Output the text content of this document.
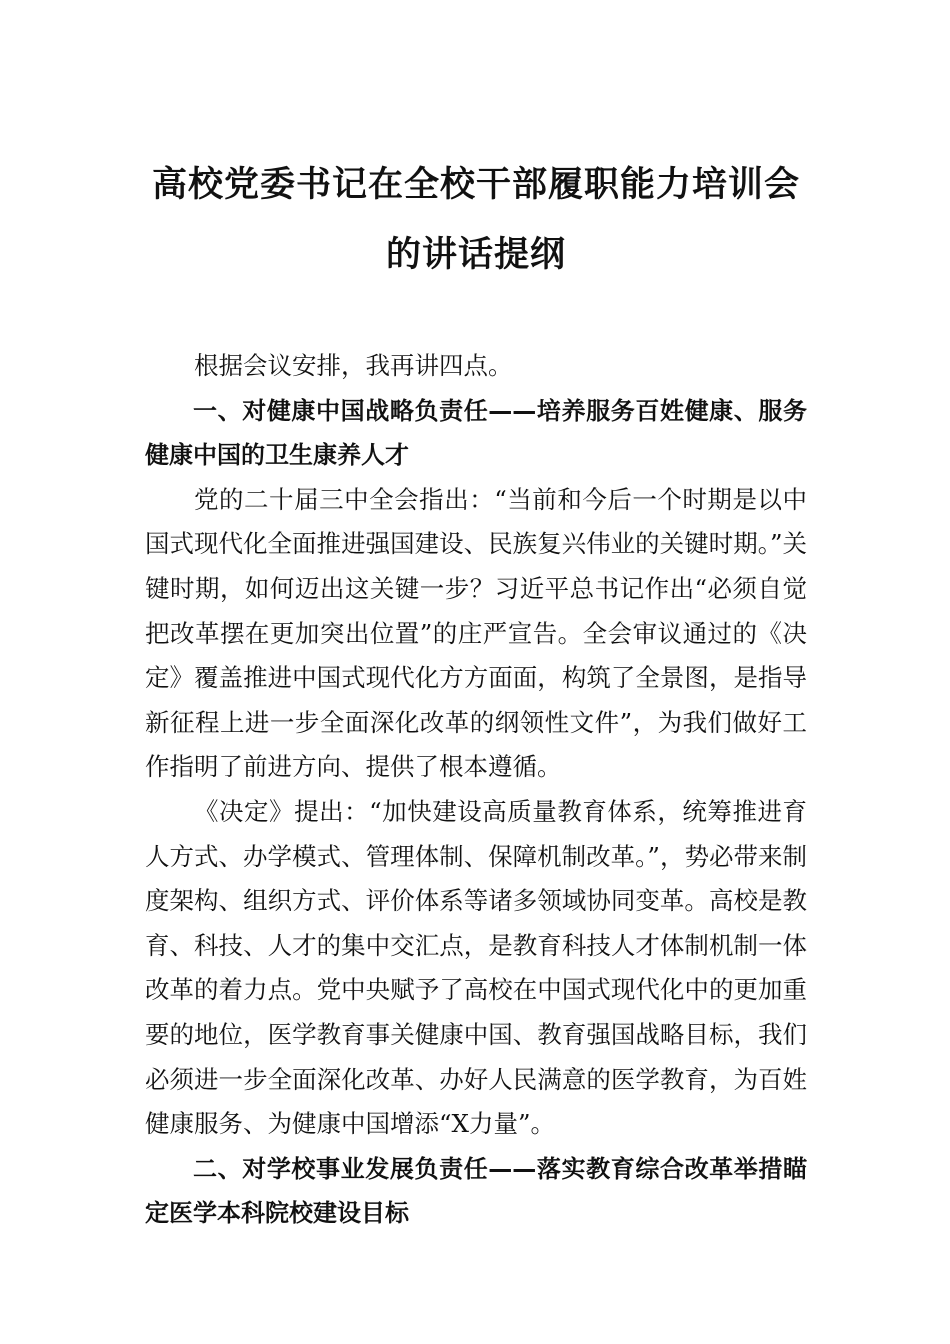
高校党委书记在全校干部履职能力培训会
的讲话提纲

根据会议安排，我再讲四点。

一、对健康中国战略负责任——培养服务百姓健康、服务健康中国的卫生康养人才

党的二十届三中全会指出：“当前和今后一个时期是以中国式现代化全面推进强国建设、民族复兴伟业的关键时期。”关键时期，如何迈出这关键一步？习近平总书记作出“必须自觉把改革摆在更加突出位置”的庄严宣告。全会审议通过的《决定》覆盖推进中国式现代化方方面面，构筑了全景图，是指导新征程上进一步全面深化改革的纲领性文件”，为我们做好工作指明了前进方向、提供了根本遵循。

《决定》提出：“加快建设高质量教育体系，统筹推进育人方式、办学模式、管理体制、保障机制改革。”，势必带来制度架构、组织方式、评价体系等诸多领域协同变革。高校是教育、科技、人才的集中交汇点，是教育科技人才体制机制一体改革的着力点。党中央赋予了高校在中国式现代化中的更加重要的地位，医学教育事关健康中国、教育强国战略目标，我们必须进一步全面深化改革、办好人民满意的医学教育，为百姓健康服务、为健康中国增添“X力量”。

二、对学校事业发展负责任——落实教育综合改革举措瞄定医学本科院校建设目标
